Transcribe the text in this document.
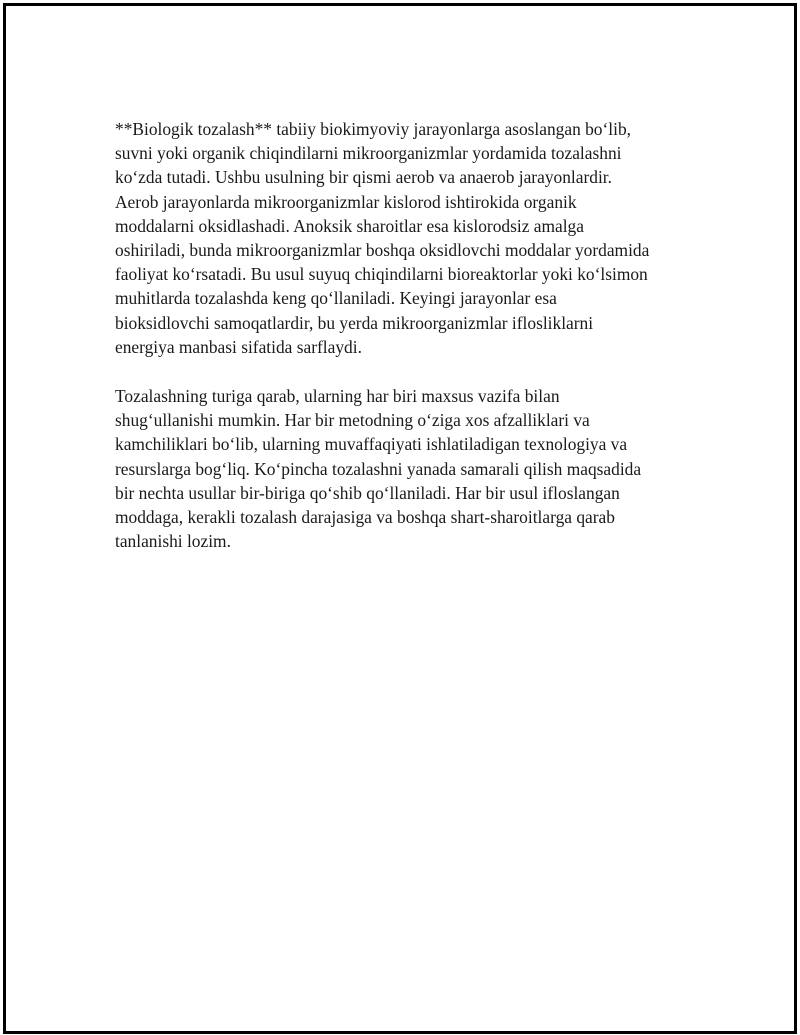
**Biologik tozalash** tabiiy biokimyoviy jarayonlarga asoslangan bo‘lib,
suvni yoki organik chiqindilarni mikroorganizmlar yordamida tozalashni
ko‘zda tutadi. Ushbu usulning bir qismi aerob va anaerob jarayonlardir.
Aerob jarayonlarda mikroorganizmlar kislorod ishtirokida organik
moddalarni oksidlashadi. Anoksik sharoitlar esa kislorodsiz amalga
oshiriladi, bunda mikroorganizmlar boshqa oksidlovchi moddalar yordamida
faoliyat ko‘rsatadi. Bu usul suyuq chiqindilarni bioreaktorlar yoki ko‘lsimon
muhitlarda tozalashda keng qo‘llaniladi. Keyingi jarayonlar esa
bioksidlovchi samoqatlardir, bu yerda mikroorganizmlar iflosliklarni
energiya manbasi sifatida sarflaydi.

Tozalashning turiga qarab, ularning har biri maxsus vazifa bilan
shug‘ullanishi mumkin. Har bir metodning o‘ziga xos afzalliklari va
kamchiliklari bo‘lib, ularning muvaffaqiyati ishlatiladigan texnologiya va
resurslarga bog‘liq. Ko‘pincha tozalashni yanada samarali qilish maqsadida
bir nechta usullar bir-biriga qo‘shib qo‘llaniladi. Har bir usul ifloslangan
moddaga, kerakli tozalash darajasiga va boshqa shart-sharoitlarga qarab
tanlanishi lozim.
